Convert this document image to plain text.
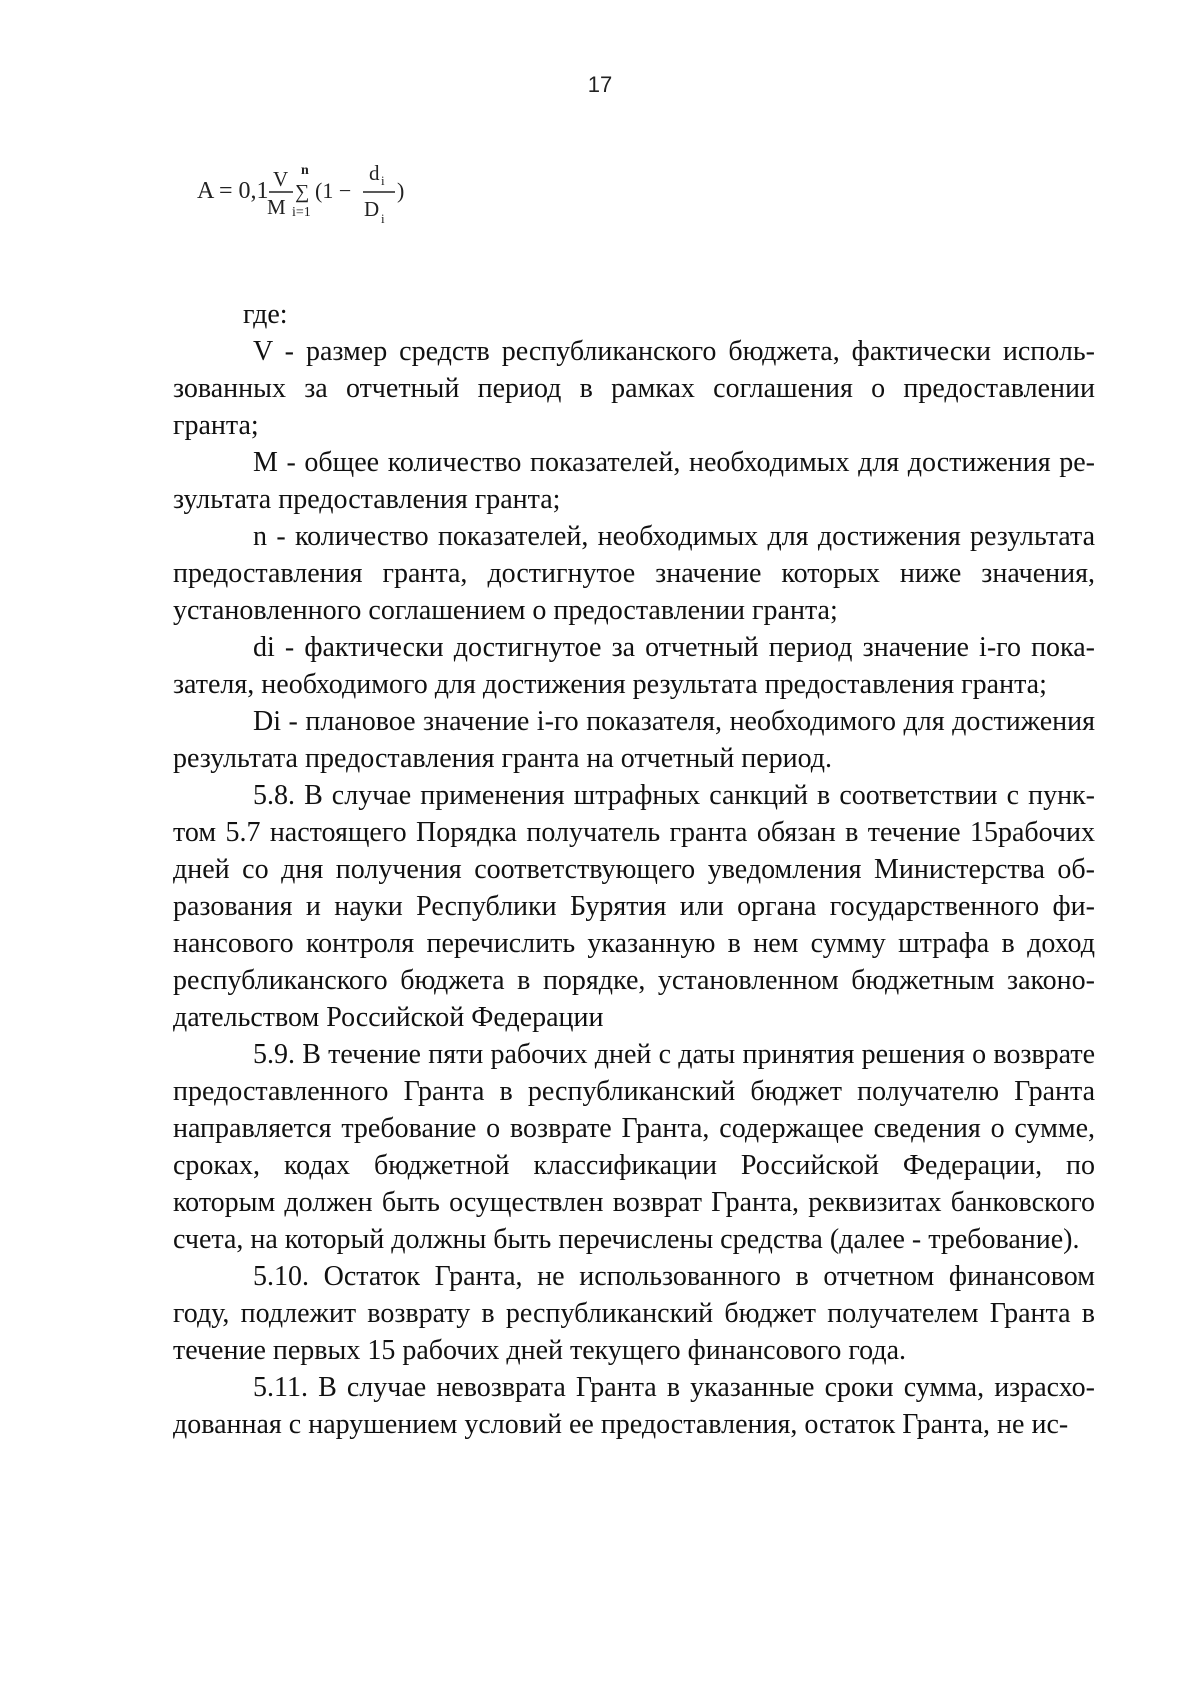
17
A = 0,1 V
M
n
∑
i=1
(1 −
d i
D i
)

где:

V - размер средств республиканского бюджета, фактически использованных за отчетный период в рамках соглашения о предоставлении гранта;

M - общее количество показателей, необходимых для достижения результата предоставления гранта;

n - количество показателей, необходимых для достижения результата предоставления гранта, достигнутое значение которых ниже значения, установленного соглашением о предоставлении гранта;

di - фактически достигнутое за отчетный период значение i-го показателя, необходимого для достижения результата предоставления гранта;

Di - плановое значение i-го показателя, необходимого для достижения результата предоставления гранта на отчетный период.

5.8. В случае применения штрафных санкций в соответствии с пунктом 5.7 настоящего Порядка получатель гранта обязан в течение 15рабочих дней со дня получения соответствующего уведомления Министерства образования и науки Республики Бурятия или органа государственного финансового контроля перечислить указанную в нем сумму штрафа в доход республиканского бюджета в порядке, установленном бюджетным законодательством Российской Федерации

5.9. В течение пяти рабочих дней с даты принятия решения о возврате предоставленного Гранта в республиканский бюджет получателю Гранта направляется требование о возврате Гранта, содержащее сведения о сумме, сроках, кодах бюджетной классификации Российской Федерации, по которым должен быть осуществлен возврат Гранта, реквизитах банковского счета, на который должны быть перечислены средства (далее - требование).

5.10. Остаток Гранта, не использованного в отчетном финансовом году, подлежит возврату в республиканский бюджет получателем Гранта в течение первых 15 рабочих дней текущего финансового года.

5.11. В случае невозврата Гранта в указанные сроки сумма, израсходованная с нарушением условий ее предоставления, остаток Гранта, не ис-
